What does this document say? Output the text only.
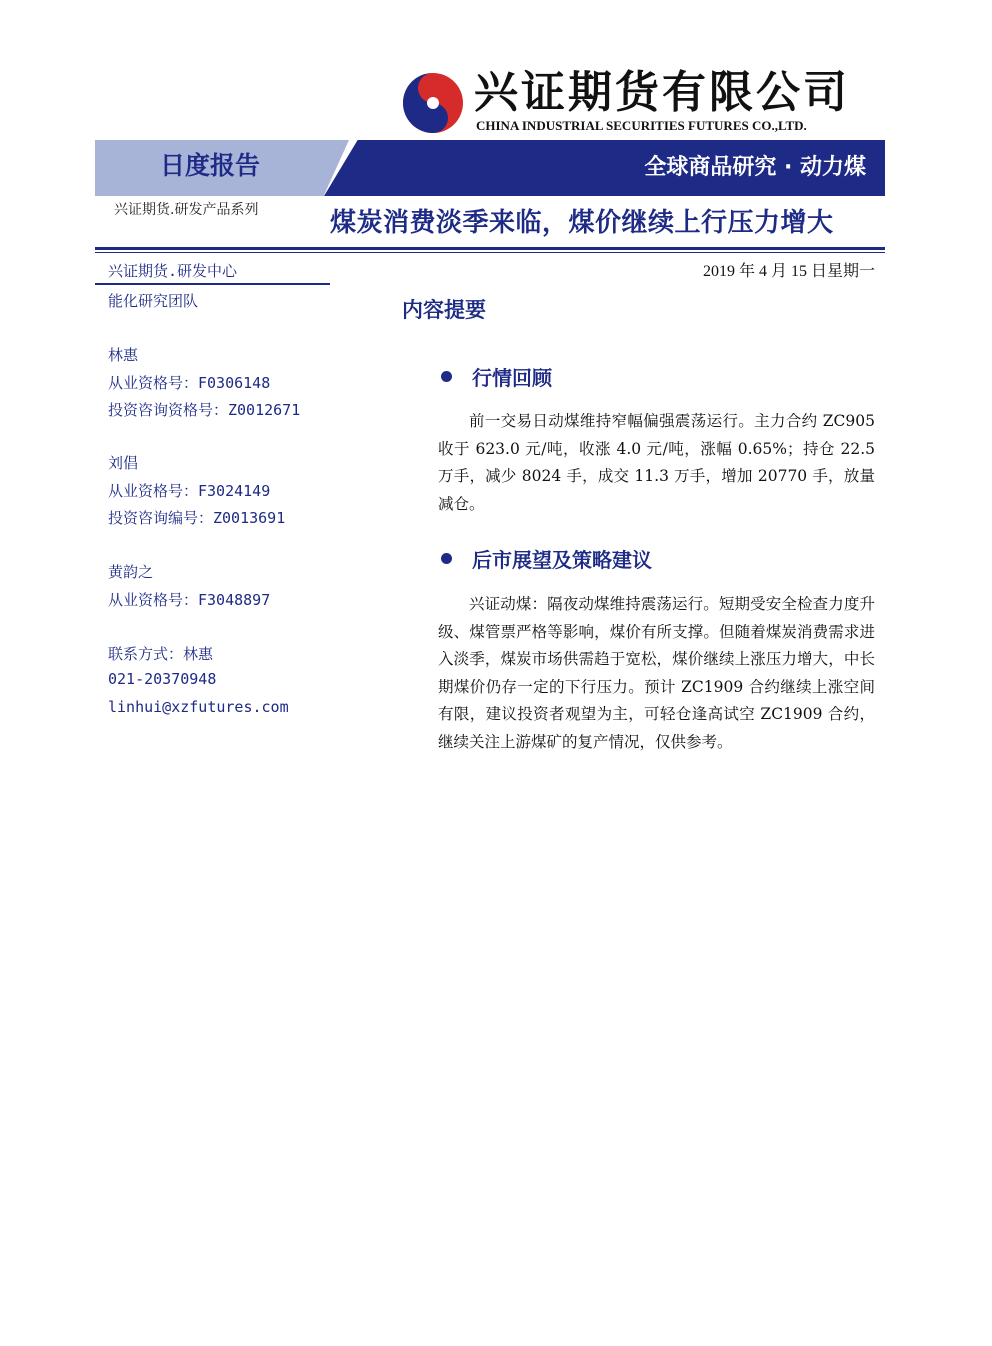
兴证期货有限公司
CHINA INDUSTRIAL SECURITIES FUTURES CO.,LTD.
日度报告	全球商品研究 · 动力煤
兴证期货.研发产品系列	煤炭消费淡季来临，煤价继续上行压力增大
2019 年 4 月 15 日星期一
兴证期货.研发中心
能化研究团队
林惠
从业资格号：F0306148
投资咨询资格号：Z0012671
刘倡
从业资格号：F3024149
投资咨询编号：Z0013691
黄韵之
从业资格号：F3048897
联系方式：林惠
021-20370948
linhui@xzfutures.com
内容提要
行情回顾

前一交易日动煤维持窄幅偏强震荡运行。主力合约 ZC905 收于 623.0 元/吨，收涨 4.0 元/吨，涨幅 0.65%；持仓 22.5 万手，减少 8024 手，成交 11.3 万手，增加 20770 手，放量减仓。

后市展望及策略建议

兴证动煤：隔夜动煤维持震荡运行。短期受安全检查力度升级、煤管票严格等影响，煤价有所支撑。但随着煤炭消费需求进入淡季，煤炭市场供需趋于宽松，煤价继续上涨压力增大，中长期煤价仍存一定的下行压力。预计 ZC1909 合约继续上涨空间有限，建议投资者观望为主，可轻仓逢高试空 ZC1909 合约，继续关注上游煤矿的复产情况，仅供参考。
